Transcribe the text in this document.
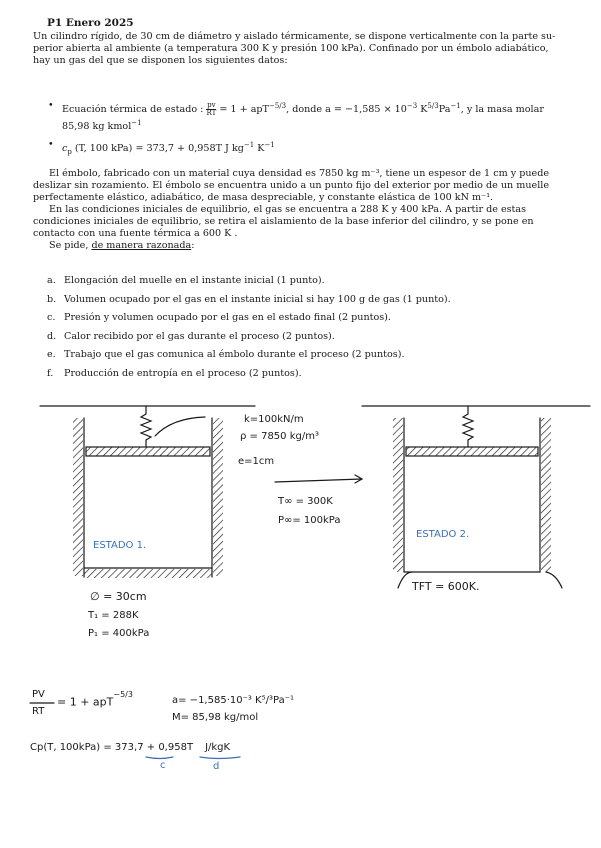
P1 Enero 2025
Un cilindro rígido, de 30 cm de diámetro y aislado térmicamente, se dispone verticalmente con la parte su-
perior abierta al ambiente (a temperatura 300 K y presión 100 kPa). Confinado por un émbolo adiabático,
hay un gas del que se disponen los siguientes datos:
• Ecuación térmica de estado : $\frac{pv}{RT} = 1 + apT^{-5/3}$, donde $a = -1,585 \times 10^{-3}$ $K^{5/3}Pa^{-1}$, y la masa molar
85,98 kg kmol$^{-1}$
• $c_p$ (T, 100 kPa) = 373,7 + 0,958T J $kg^{-1}$ $K^{-1}$
El émbolo, fabricado con un material cuya densidad es 7850 kg m⁻³, tiene un espesor de 1 cm y puede
deslizar sin rozamiento. El émbolo se encuentra unido a un punto fijo del exterior por medio de un muelle
perfectamente elástico, adiabático, de masa despreciable, y constante elástica de 100 kN m⁻¹.
En las condiciones iniciales de equilibrio, el gas se encuentra a 288 K y 400 kPa. A partir de estas
condiciones iniciales de equilibrio, se retira el aislamiento de la base inferior del cilindro, y se pone en
contacto con una fuente térmica a 600 K .
Se pide, de manera razonada:
a. Elongación del muelle en el instante inicial (1 punto).
b. Volumen ocupado por el gas en el instante inicial si hay 100 g de gas (1 punto).
c. Presión y volumen ocupado por el gas en el estado final (2 puntos).
d. Calor recibido por el gas durante el proceso (2 puntos).
e. Trabajo que el gas comunica al émbolo durante el proceso (2 puntos).
f. Producción de entropía en el proceso (2 puntos).
k=100kN/m
ρ = 7850 kg/m³
e=1cm
T∞ = 300K
P∞= 100kPa
ESTADO 1.
ESTADO 2.
∅ = 30cm
T₁ = 288K
P₁ = 400kPa
TFT = 600K.
PV
RT
= 1 + apT$^{-5/3}$
a= −1,585·10⁻³ K⁵/³Pa⁻¹
M= 85,98 kg/mol
Cp(T, 100kPa) = 373,7 + 0,958T J/kgK
c	d
